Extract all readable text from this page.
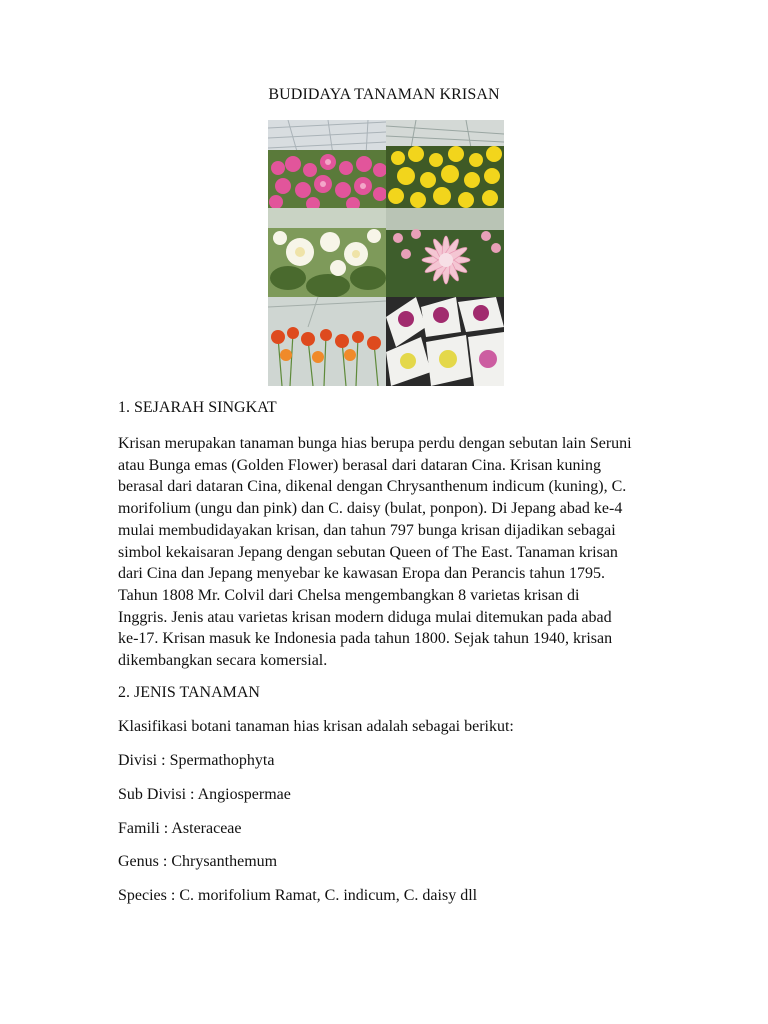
BUDIDAYA TANAMAN KRISAN
1. SEJARAH SINGKAT

Krisan merupakan tanaman bunga hias berupa perdu dengan sebutan lain Seruni

atau Bunga emas (Golden Flower) berasal dari dataran Cina. Krisan kuning

berasal dari dataran Cina, dikenal dengan Chrysanthenum indicum (kuning), C.

morifolium (ungu dan pink) dan C. daisy (bulat, ponpon). Di Jepang abad ke-4

mulai membudidayakan krisan, dan tahun 797 bunga krisan dijadikan sebagai

simbol kekaisaran Jepang dengan sebutan Queen of The East. Tanaman krisan

dari Cina dan Jepang menyebar ke kawasan Eropa dan Perancis tahun 1795.

Tahun 1808 Mr. Colvil dari Chelsa mengembangkan 8 varietas krisan di

Inggris. Jenis atau varietas krisan modern diduga mulai ditemukan pada abad

ke-17. Krisan masuk ke Indonesia pada tahun 1800. Sejak tahun 1940, krisan

dikembangkan secara komersial.

2. JENIS TANAMAN
Klasifikasi botani tanaman hias krisan adalah sebagai berikut:
Divisi : Spermathophyta
Sub Divisi : Angiospermae
Famili : Asteraceae
Genus : Chrysanthemum
Species : C. morifolium Ramat, C. indicum, C. daisy dll
